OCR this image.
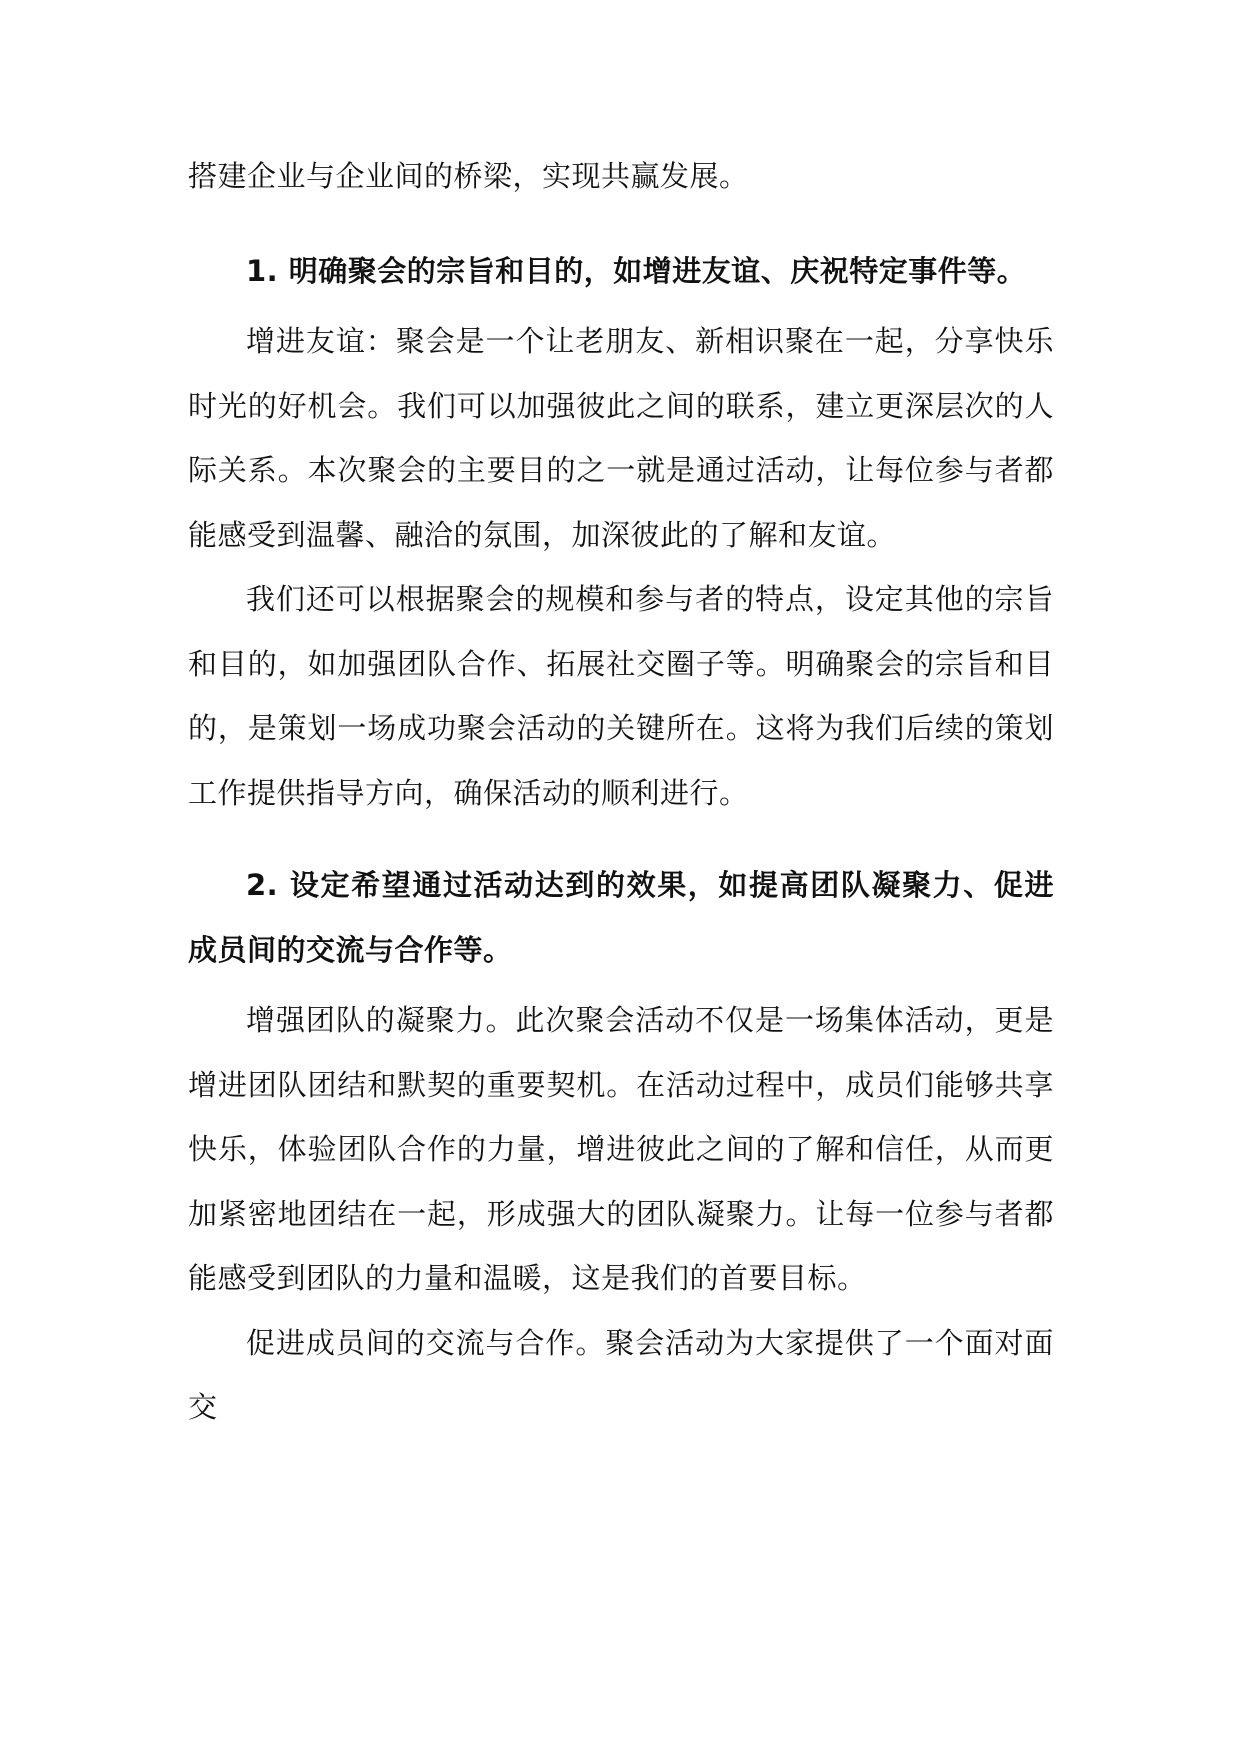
搭建企业与企业间的桥梁，实现共赢发展。

1. 明确聚会的宗旨和目的，如增进友谊、庆祝特定事件等。

增进友谊：聚会是一个让老朋友、新相识聚在一起，分享快乐时光的好机会。我们可以加强彼此之间的联系，建立更深层次的人际关系。本次聚会的主要目的之一就是通过活动，让每位参与者都能感受到温馨、融洽的氛围，加深彼此的了解和友谊。

我们还可以根据聚会的规模和参与者的特点，设定其他的宗旨和目的，如加强团队合作、拓展社交圈子等。明确聚会的宗旨和目的，是策划一场成功聚会活动的关键所在。这将为我们后续的策划工作提供指导方向，确保活动的顺利进行。

2. 设定希望通过活动达到的效果，如提高团队凝聚力、促进成员间的交流与合作等。

增强团队的凝聚力。此次聚会活动不仅是一场集体活动，更是增进团队团结和默契的重要契机。在活动过程中，成员们能够共享快乐，体验团队合作的力量，增进彼此之间的了解和信任，从而更加紧密地团结在一起，形成强大的团队凝聚力。让每一位参与者都能感受到团队的力量和温暖，这是我们的首要目标。

促进成员间的交流与合作。聚会活动为大家提供了一个面对面交
